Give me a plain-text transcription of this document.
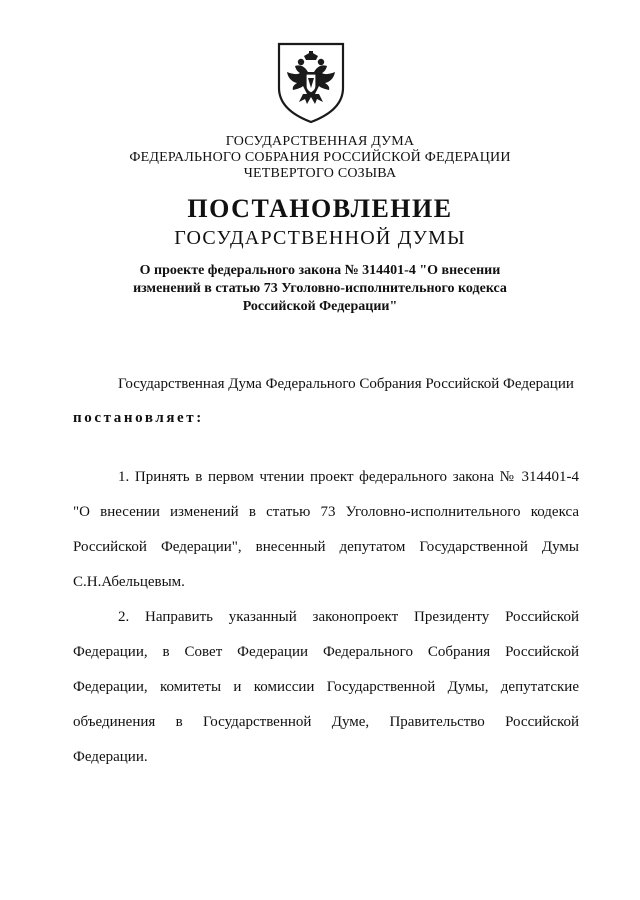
ГОСУДАРСТВЕННАЯ ДУМА
ФЕДЕРАЛЬНОГО СОБРАНИЯ РОССИЙСКОЙ ФЕДЕРАЦИИ
ЧЕТВЕРТОГО СОЗЫВА
ПОСТАНОВЛЕНИЕ
ГОСУДАРСТВЕННОЙ ДУМЫ
О проекте федерального закона № 314401-4 "О внесении
изменений в статью 73 Уголовно-исполнительного кодекса
Российской Федерации"
Государственная Дума Федерального Собрания Российской Федерации
постановляет:
1. Принять в первом чтении проект федерального закона № 314401-4
"О внесении изменений в статью 73 Уголовно-исполнительного кодекса
Российской Федерации", внесенный депутатом Государственной Думы
С.Н.Абельцевым.
2. Направить указанный законопроект Президенту Российской
Федерации, в Совет Федерации Федерального Собрания Российской
Федерации, комитеты и комиссии Государственной Думы, депутатские
объединения в Государственной Думе, Правительство Российской
Федерации.
